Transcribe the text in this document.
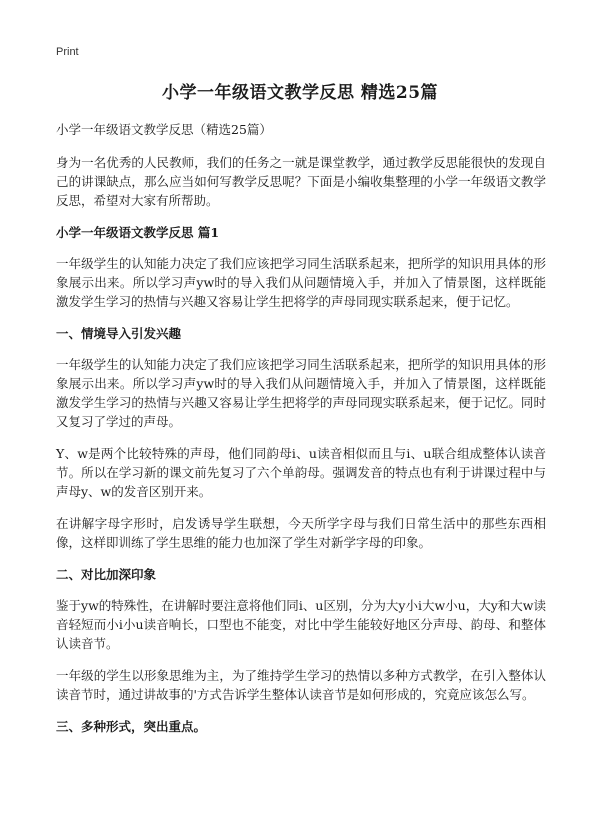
Print
小学一年级语文教学反思 精选25篇

小学一年级语文教学反思（精选25篇）

身为一名优秀的人民教师，我们的任务之一就是课堂教学，通过教学反思能很快的发现自己的讲课缺点，那么应当如何写教学反思呢？下面是小编收集整理的小学一年级语文教学反思，希望对大家有所帮助。

小学一年级语文教学反思 篇1

一年级学生的认知能力决定了我们应该把学习同生活联系起来，把所学的知识用具体的形象展示出来。所以学习声yw时的导入我们从问题情境入手，并加入了情景图，这样既能激发学生学习的热情与兴趣又容易让学生把将学的声母同现实联系起来，便于记忆。

一、情境导入引发兴趣

一年级学生的认知能力决定了我们应该把学习同生活联系起来，把所学的知识用具体的形象展示出来。所以学习声yw时的导入我们从问题情境入手，并加入了情景图，这样既能激发学生学习的热情与兴趣又容易让学生把将学的声母同现实联系起来，便于记忆。同时又复习了学过的声母。

Y、w是两个比较特殊的声母，他们同韵母i、u读音相似而且与i、u联合组成整体认读音节。所以在学习新的课文前先复习了六个单韵母。强调发音的特点也有利于讲课过程中与声母y、w的发音区别开来。

在讲解字母字形时，启发诱导学生联想，今天所学字母与我们日常生活中的那些东西相像，这样即训练了学生思维的能力也加深了学生对新学字母的印象。

二、对比加深印象

鉴于yw的特殊性，在讲解时要注意将他们同i、u区别，分为大y小i大w小u，大y和大w读音轻短而小i小u读音响长，口型也不能变，对比中学生能较好地区分声母、韵母、和整体认读音节。

一年级的学生以形象思维为主，为了维持学生学习的热情以多种方式教学，在引入整体认读音节时，通过讲故事的'方式告诉学生整体认读音节是如何形成的，究竟应该怎么写。

三、多种形式，突出重点。
